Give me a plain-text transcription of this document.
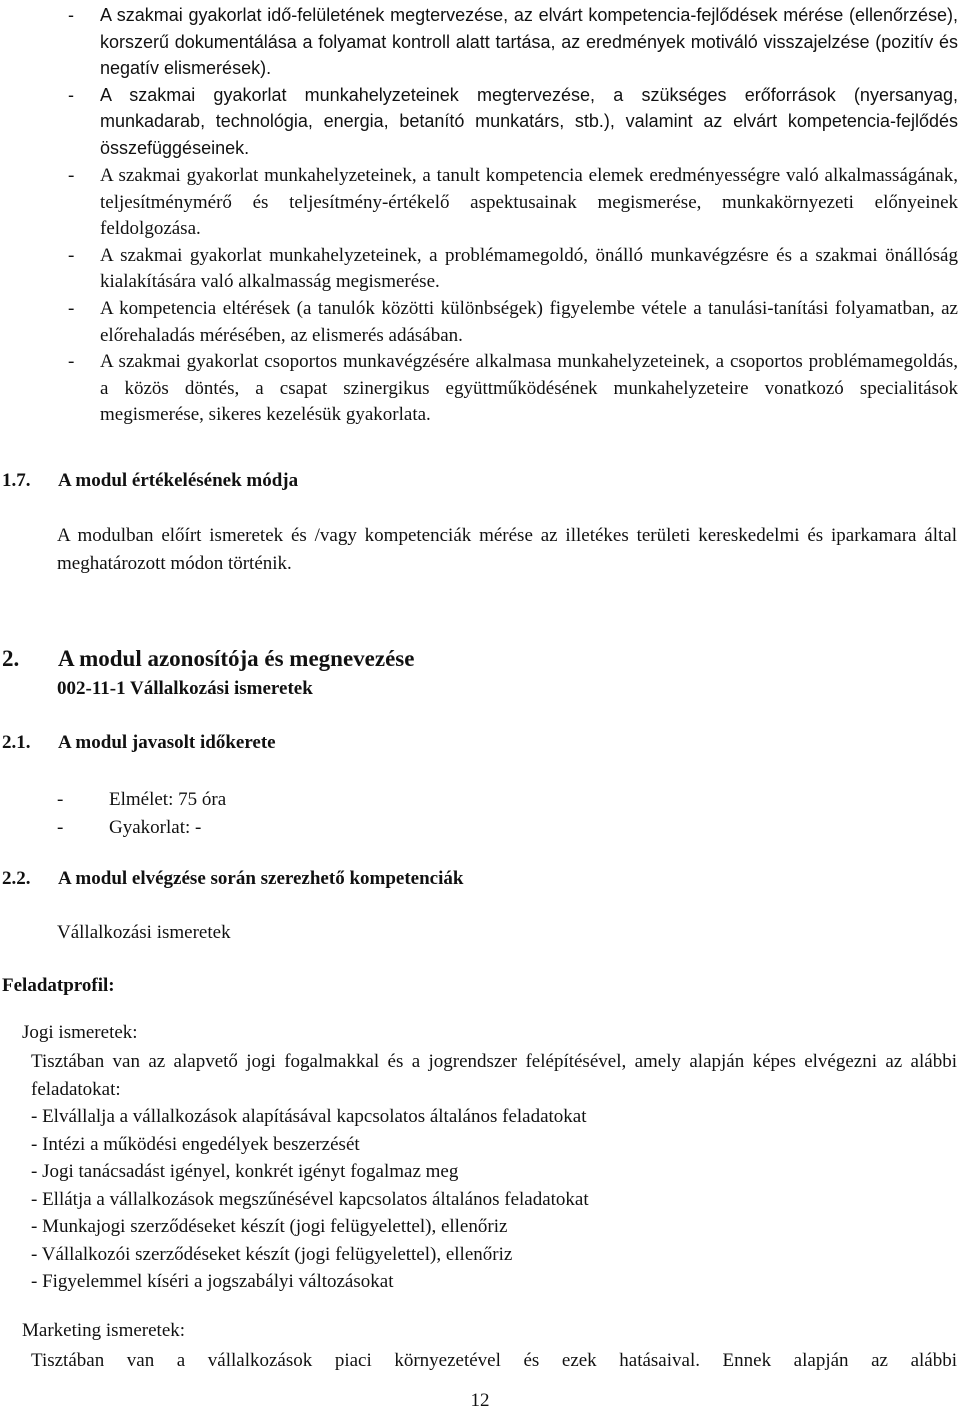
- A szakmai gyakorlat idő-felületének megtervezése, az elvárt kompetencia-fejlődések mérése (ellenőrzése), korszerű dokumentálása a folyamat kontroll alatt tartása, az eredmények motiváló visszajelzése (pozitív és negatív elismerések).
- A szakmai gyakorlat munkahelyzeteinek megtervezése, a szükséges erőforrások (nyersanyag, munkadarab, technológia, energia, betanító munkatárs, stb.), valamint az elvárt kompetencia-fejlődés összefüggéseinek.
- A szakmai gyakorlat munkahelyzeteinek, a tanult kompetencia elemek eredményességre való alkalmasságának, teljesítménymérő és teljesítmény-értékelő aspektusainak megismerése, munkakörnyezeti előnyeinek feldolgozása.
- A szakmai gyakorlat munkahelyzeteinek, a problémamegoldó, önálló munkavégzésre és a szakmai önállóság kialakítására való alkalmasság megismerése.
- A kompetencia eltérések (a tanulók közötti különbségek) figyelembe vétele a tanulási-tanítási folyamatban, az előrehaladás mérésében, az elismerés adásában.
- A szakmai gyakorlat csoportos munkavégzésére alkalmasa munkahelyzeteinek, a csoportos problémamegoldás, a közös döntés, a csapat szinergikus együttműködésének munkahelyzeteire vonatkozó specialitások megismerése, sikeres kezelésük gyakorlata.
1.7. A modul értékelésének módja
A modulban előírt ismeretek és /vagy kompetenciák mérése az illetékes területi kereskedelmi és iparkamara által meghatározott módon történik.
2. A modul azonosítója és megnevezése
002-11-1 Vállalkozási ismeretek
2.1. A modul javasolt időkerete
- Elmélet: 75 óra
- Gyakorlat: -
2.2. A modul elvégzése során szerezhető kompetenciák
Vállalkozási ismeretek
Feladatprofil:
Jogi ismeretek:
Tisztában van az alapvető jogi fogalmakkal és a jogrendszer felépítésével, amely alapján képes elvégezni az alábbi feladatokat:
- Elvállalja a vállalkozások alapításával kapcsolatos általános feladatokat
- Intézi a működési engedélyek beszerzését
- Jogi tanácsadást igényel, konkrét igényt fogalmaz meg
- Ellátja a vállalkozások megszűnésével kapcsolatos általános feladatokat
- Munkajogi szerződéseket készít (jogi felügyelettel), ellenőriz
- Vállalkozói szerződéseket készít (jogi felügyelettel), ellenőriz
- Figyelemmel kíséri a jogszabályi változásokat
Marketing ismeretek:
Tisztában van a vállalkozások piaci környezetével és ezek hatásaival. Ennek alapján az alábbi
12
